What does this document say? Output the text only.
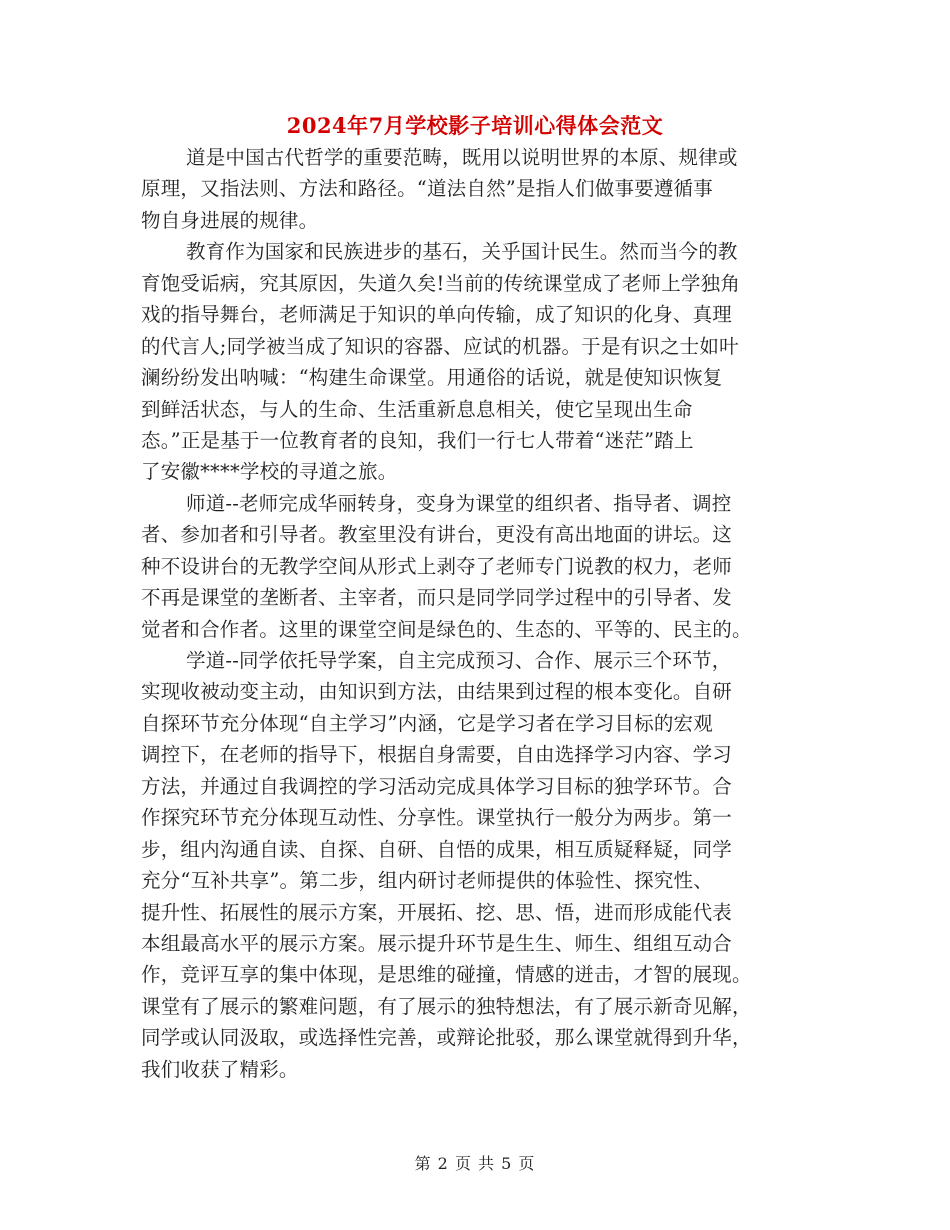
2024年7月学校影子培训心得体会范文
道是中国古代哲学的重要范畴，既用以说明世界的本原、规律或
原理，又指法则、方法和路径。“道法自然”是指人们做事要遵循事
物自身进展的规律。
教育作为国家和民族进步的基石，关乎国计民生。然而当今的教
育饱受诟病，究其原因，失道久矣!当前的传统课堂成了老师上学独角
戏的指导舞台，老师满足于知识的单向传输，成了知识的化身、真理
的代言人;同学被当成了知识的容器、应试的机器。于是有识之士如叶
澜纷纷发出呐喊：“构建生命课堂。用通俗的话说，就是使知识恢复
到鲜活状态，与人的生命、生活重新息息相关，使它呈现出生命
态。”正是基于一位教育者的良知，我们一行七人带着“迷茫”踏上
了安徽****学校的寻道之旅。
师道--老师完成华丽转身，变身为课堂的组织者、指导者、调控
者、参加者和引导者。教室里没有讲台，更没有高出地面的讲坛。这
种不设讲台的无教学空间从形式上剥夺了老师专门说教的权力，老师
不再是课堂的垄断者、主宰者，而只是同学同学过程中的引导者、发
觉者和合作者。这里的课堂空间是绿色的、生态的、平等的、民主的。
学道--同学依托导学案，自主完成预习、合作、展示三个环节，
实现收被动变主动，由知识到方法，由结果到过程的根本变化。自研
自探环节充分体现“自主学习”内涵，它是学习者在学习目标的宏观
调控下，在老师的指导下，根据自身需要，自由选择学习内容、学习
方法，并通过自我调控的学习活动完成具体学习目标的独学环节。合
作探究环节充分体现互动性、分享性。课堂执行一般分为两步。第一
步，组内沟通自读、自探、自研、自悟的成果，相互质疑释疑，同学
充分“互补共享”。第二步，组内研讨老师提供的体验性、探究性、
提升性、拓展性的展示方案，开展拓、挖、思、悟，进而形成能代表
本组最高水平的展示方案。展示提升环节是生生、师生、组组互动合
作，竞评互享的集中体现，是思维的碰撞，情感的迸击，才智的展现。
课堂有了展示的繁难问题，有了展示的独特想法，有了展示新奇见解，
同学或认同汲取，或选择性完善，或辩论批驳，那么课堂就得到升华，
我们收获了精彩。
第 2 页 共 5 页
